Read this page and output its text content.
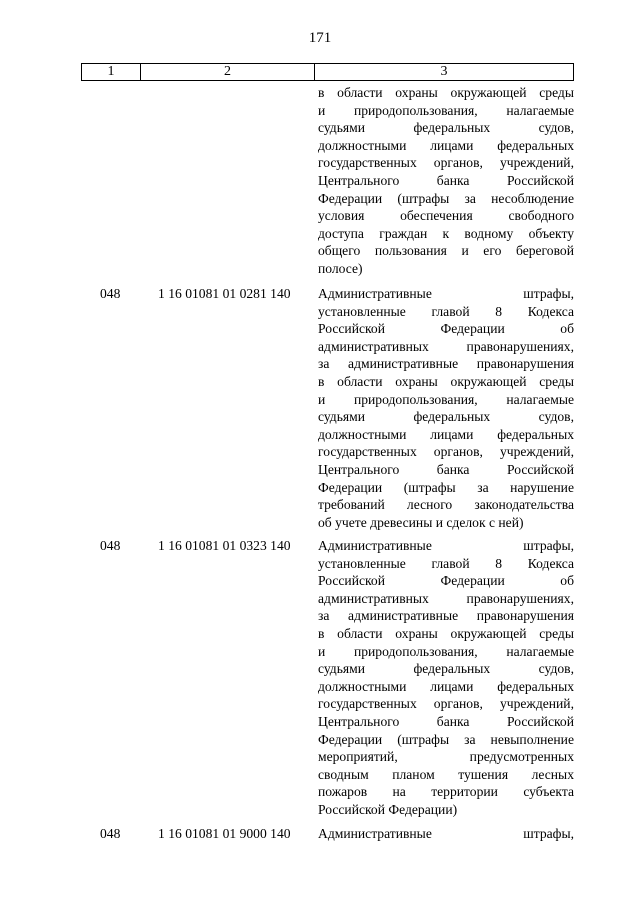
171
1	2	3
в области охраны окружающей среды
и природопользования, налагаемые
судьями федеральных судов,
должностными лицами федеральных
государственных органов, учреждений,
Центрального банка Российской
Федерации (штрафы за несоблюдение
условия обеспечения свободного
доступа граждан к водному объекту
общего пользования и его береговой
полосе)
048	1 16 01081 01 0281 140 Административные штрафы,
установленные главой 8 Кодекса
Российской Федерации об
административных правонарушениях,
за административные правонарушения
в области охраны окружающей среды
и природопользования, налагаемые
судьями федеральных судов,
должностными лицами федеральных
государственных органов, учреждений,
Центрального банка Российской
Федерации (штрафы за нарушение
требований лесного законодательства
об учете древесины и сделок с ней)
048	1 16 01081 01 0323 140 Административные штрафы,
установленные главой 8 Кодекса
Российской Федерации об
административных правонарушениях,
за административные правонарушения
в области охраны окружающей среды
и природопользования, налагаемые
судьями федеральных судов,
должностными лицами федеральных
государственных органов, учреждений,
Центрального банка Российской
Федерации (штрафы за невыполнение
мероприятий, предусмотренных
сводным планом тушения лесных
пожаров на территории субъекта
Российской Федерации)
048	1 16 01081 01 9000 140 Административные штрафы,
